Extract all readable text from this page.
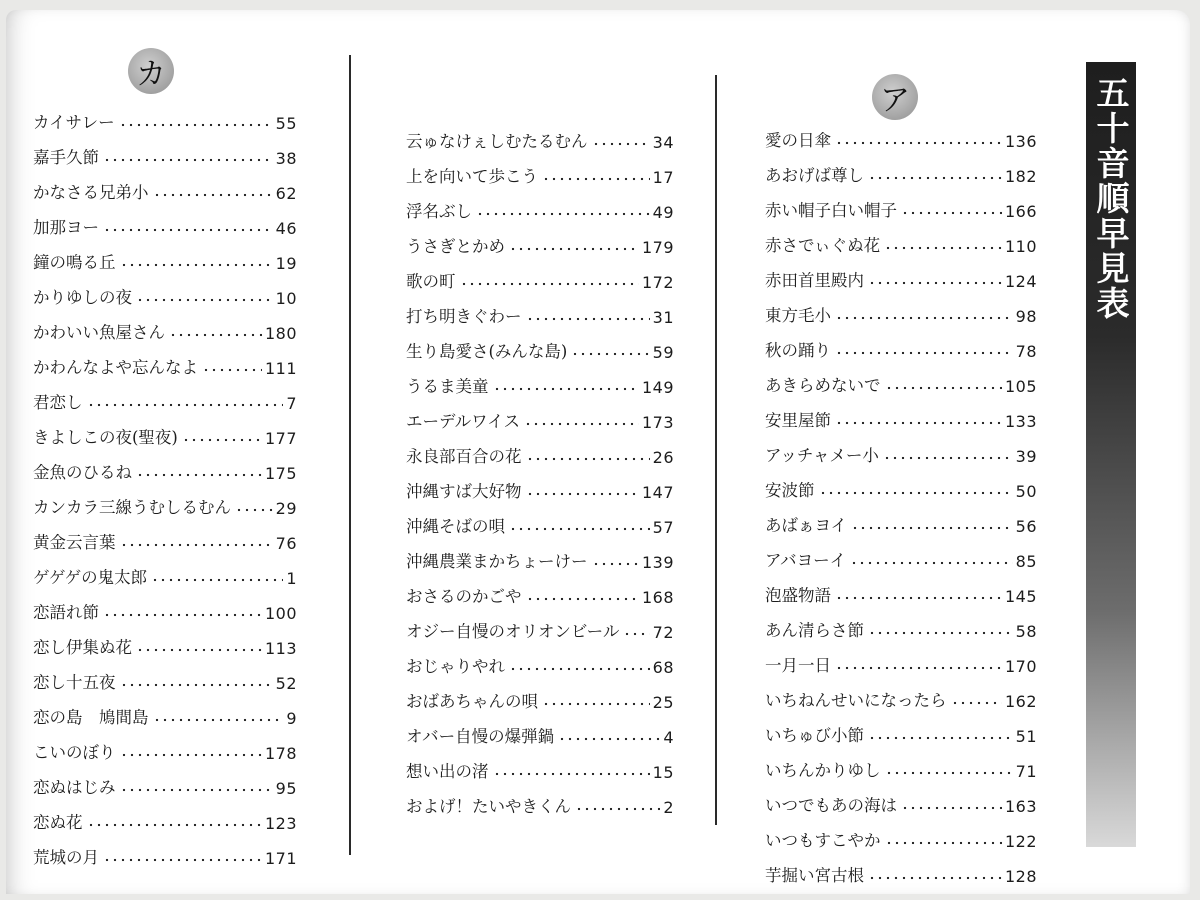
カ
ア	五十音順早見表
カイサレー	55
嘉手久節	38
かなさる兄弟小	62
加那ヨー	46
鐘の鳴る丘	19
かりゆしの夜	10
かわいい魚屋さん	180
かわんなよや忘んなよ	111
君恋し	7
きよしこの夜(聖夜)	177
金魚のひるね	175
カンカラ三線うむしるむん	29
黄金云言葉	76
ゲゲゲの鬼太郎	1
恋語れ節	100
恋し伊集ぬ花	113
恋し十五夜	52
恋の島　鳩間島	9
こいのぼり	178
恋ぬはじみ	95
恋ぬ花	123
荒城の月	171
云ゅなけぇしむたるむん	34
上を向いて歩こう	17
浮名ぶし	49
うさぎとかめ	179
歌の町	172
打ち明きぐわー	31
生り島愛さ(みんな島)	59
うるま美童	149
エーデルワイス	173
永良部百合の花	26
沖縄すば大好物	147
沖縄そばの唄	57
沖縄農業まかちょーけー	139
おさるのかごや	168
オジー自慢のオリオンビール 72
おじゃりやれ	68
おばあちゃんの唄	25
オバー自慢の爆弾鍋	4
想い出の渚	15
およげ！たいやきくん	2
愛の日傘	136
あおげば尊し	182
赤い帽子白い帽子	166
赤さでぃぐぬ花	110
赤田首里殿内	124
東方毛小	98
秋の踊り	78
あきらめないで	105
安里屋節	133
アッチャメー小	39
安波節	50
あばぁヨイ	56
アバヨーイ	85
泡盛物語	145
あん清らさ節	58
一月一日	170
いちねんせいになったら	162
いちゅび小節	51
いちんかりゆし	71
いつでもあの海は	163
いつもすこやか	122
芋掘い宮古根	128
